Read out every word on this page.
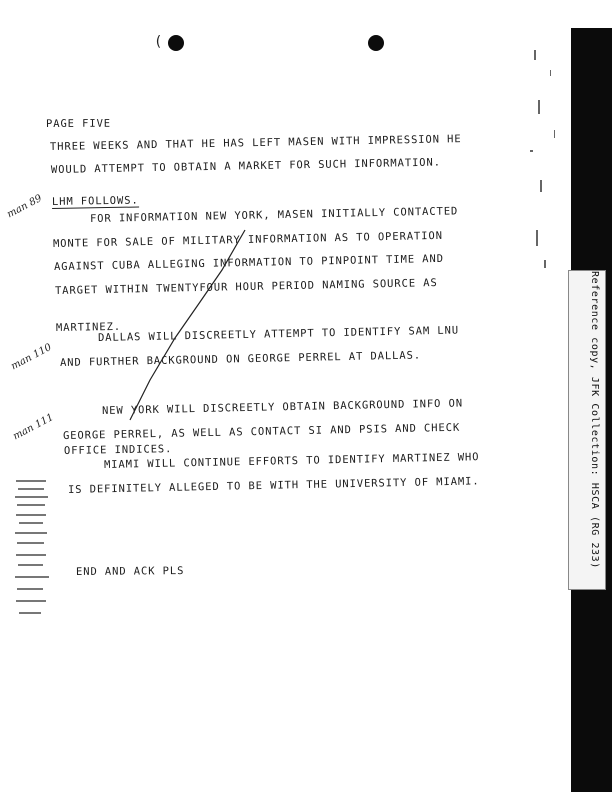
(
Reference copy, JFK Collection: HSCA (RG 233)
PAGE FIVE
THREE WEEKS AND THAT HE HAS LEFT MASEN WITH IMPRESSION HE
WOULD ATTEMPT TO OBTAIN A MARKET FOR SUCH INFORMATION.
LHM FOLLOWS.
FOR INFORMATION NEW YORK, MASEN INITIALLY CONTACTED
MONTE FOR SALE OF MILITARY INFORMATION AS TO OPERATION
AGAINST CUBA ALLEGING INFORMATION TO PINPOINT TIME AND
TARGET WITHIN TWENTYFOUR HOUR PERIOD NAMING SOURCE AS
MARTINEZ.
DALLAS WILL DISCREETLY ATTEMPT TO IDENTIFY SAM LNU
AND FURTHER BACKGROUND ON GEORGE PERREL AT DALLAS.
NEW YORK WILL DISCREETLY OBTAIN BACKGROUND INFO ON
GEORGE PERREL, AS WELL AS CONTACT SI AND PSIS AND CHECK
OFFICE INDICES.
MIAMI WILL CONTINUE EFFORTS TO IDENTIFY MARTINEZ WHO
IS DEFINITELY ALLEGED TO BE WITH THE UNIVERSITY OF MIAMI.
END AND ACK PLS
man 89
man 110
man 111
